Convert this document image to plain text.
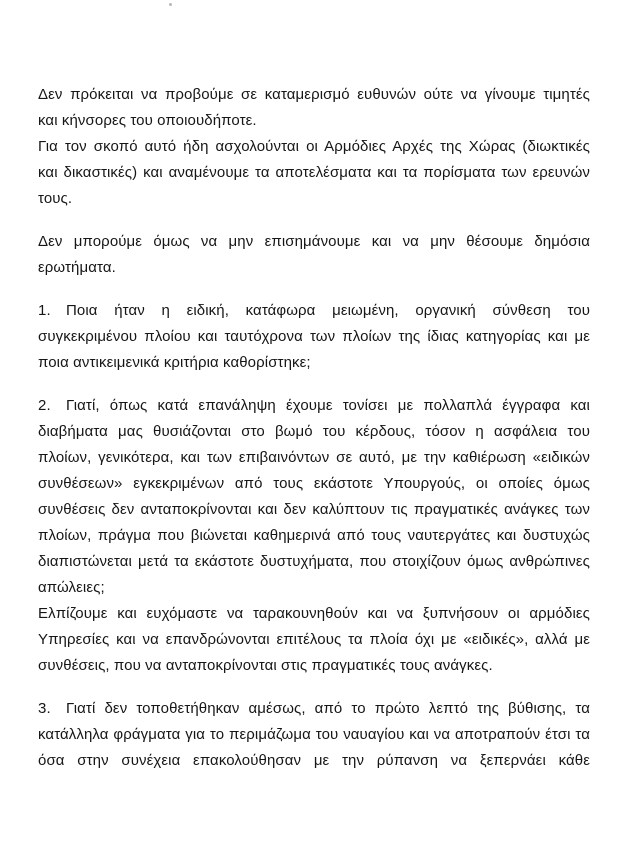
Δεν πρόκειται να προβούμε σε καταμερισμό ευθυνών ούτε να γίνουμε τιμητές
και κήνσορες του οποιουδήποτε.
Για τον σκοπό αυτό ήδη ασχολούνται οι Αρμόδιες Αρχές της Χώρας (διωκτικές
και δικαστικές) και αναμένουμε τα αποτελέσματα και τα πορίσματα των ερευνών
τους.
Δεν μπορούμε όμως να μην επισημάνουμε και να μην θέσουμε δημόσια
ερωτήματα.
1. Ποια ήταν η ειδική, κατάφωρα μειωμένη, οργανική σύνθεση του
συγκεκριμένου πλοίου και ταυτόχρονα των πλοίων της ίδιας κατηγορίας και με
ποια αντικειμενικά κριτήρια καθορίστηκε;
2. Γιατί, όπως κατά επανάληψη έχουμε τονίσει με πολλαπλά έγγραφα και
διαβήματα μας θυσιάζονται στο βωμό του κέρδους, τόσον η ασφάλεια του
πλοίων, γενικότερα, και των επιβαινόντων σε αυτό, με την καθιέρωση «ειδικών
συνθέσεων» εγκεκριμένων από τους εκάστοτε Υπουργούς, οι οποίες όμως
συνθέσεις δεν ανταποκρίνονται και δεν καλύπτουν τις πραγματικές ανάγκες των
πλοίων, πράγμα που βιώνεται καθημερινά από τους ναυτεργάτες και δυστυχώς
διαπιστώνεται μετά τα εκάστοτε δυστυχήματα, που στοιχίζουν όμως ανθρώπινες
απώλειες;
Ελπίζουμε και ευχόμαστε να ταρακουνηθούν και να ξυπνήσουν οι αρμόδιες
Υπηρεσίες και να επανδρώνονται επιτέλους τα πλοία όχι με «ειδικές», αλλά με
συνθέσεις, που να ανταποκρίνονται στις πραγματικές τους ανάγκες.
3. Γιατί δεν τοποθετήθηκαν αμέσως, από το πρώτο λεπτό της βύθισης, τα
κατάλληλα φράγματα για το περιμάζωμα του ναυαγίου και να αποτραπούν έτσι τα
όσα στην συνέχεια επακολούθησαν με την ρύπανση να ξεπερνάει κάθε
